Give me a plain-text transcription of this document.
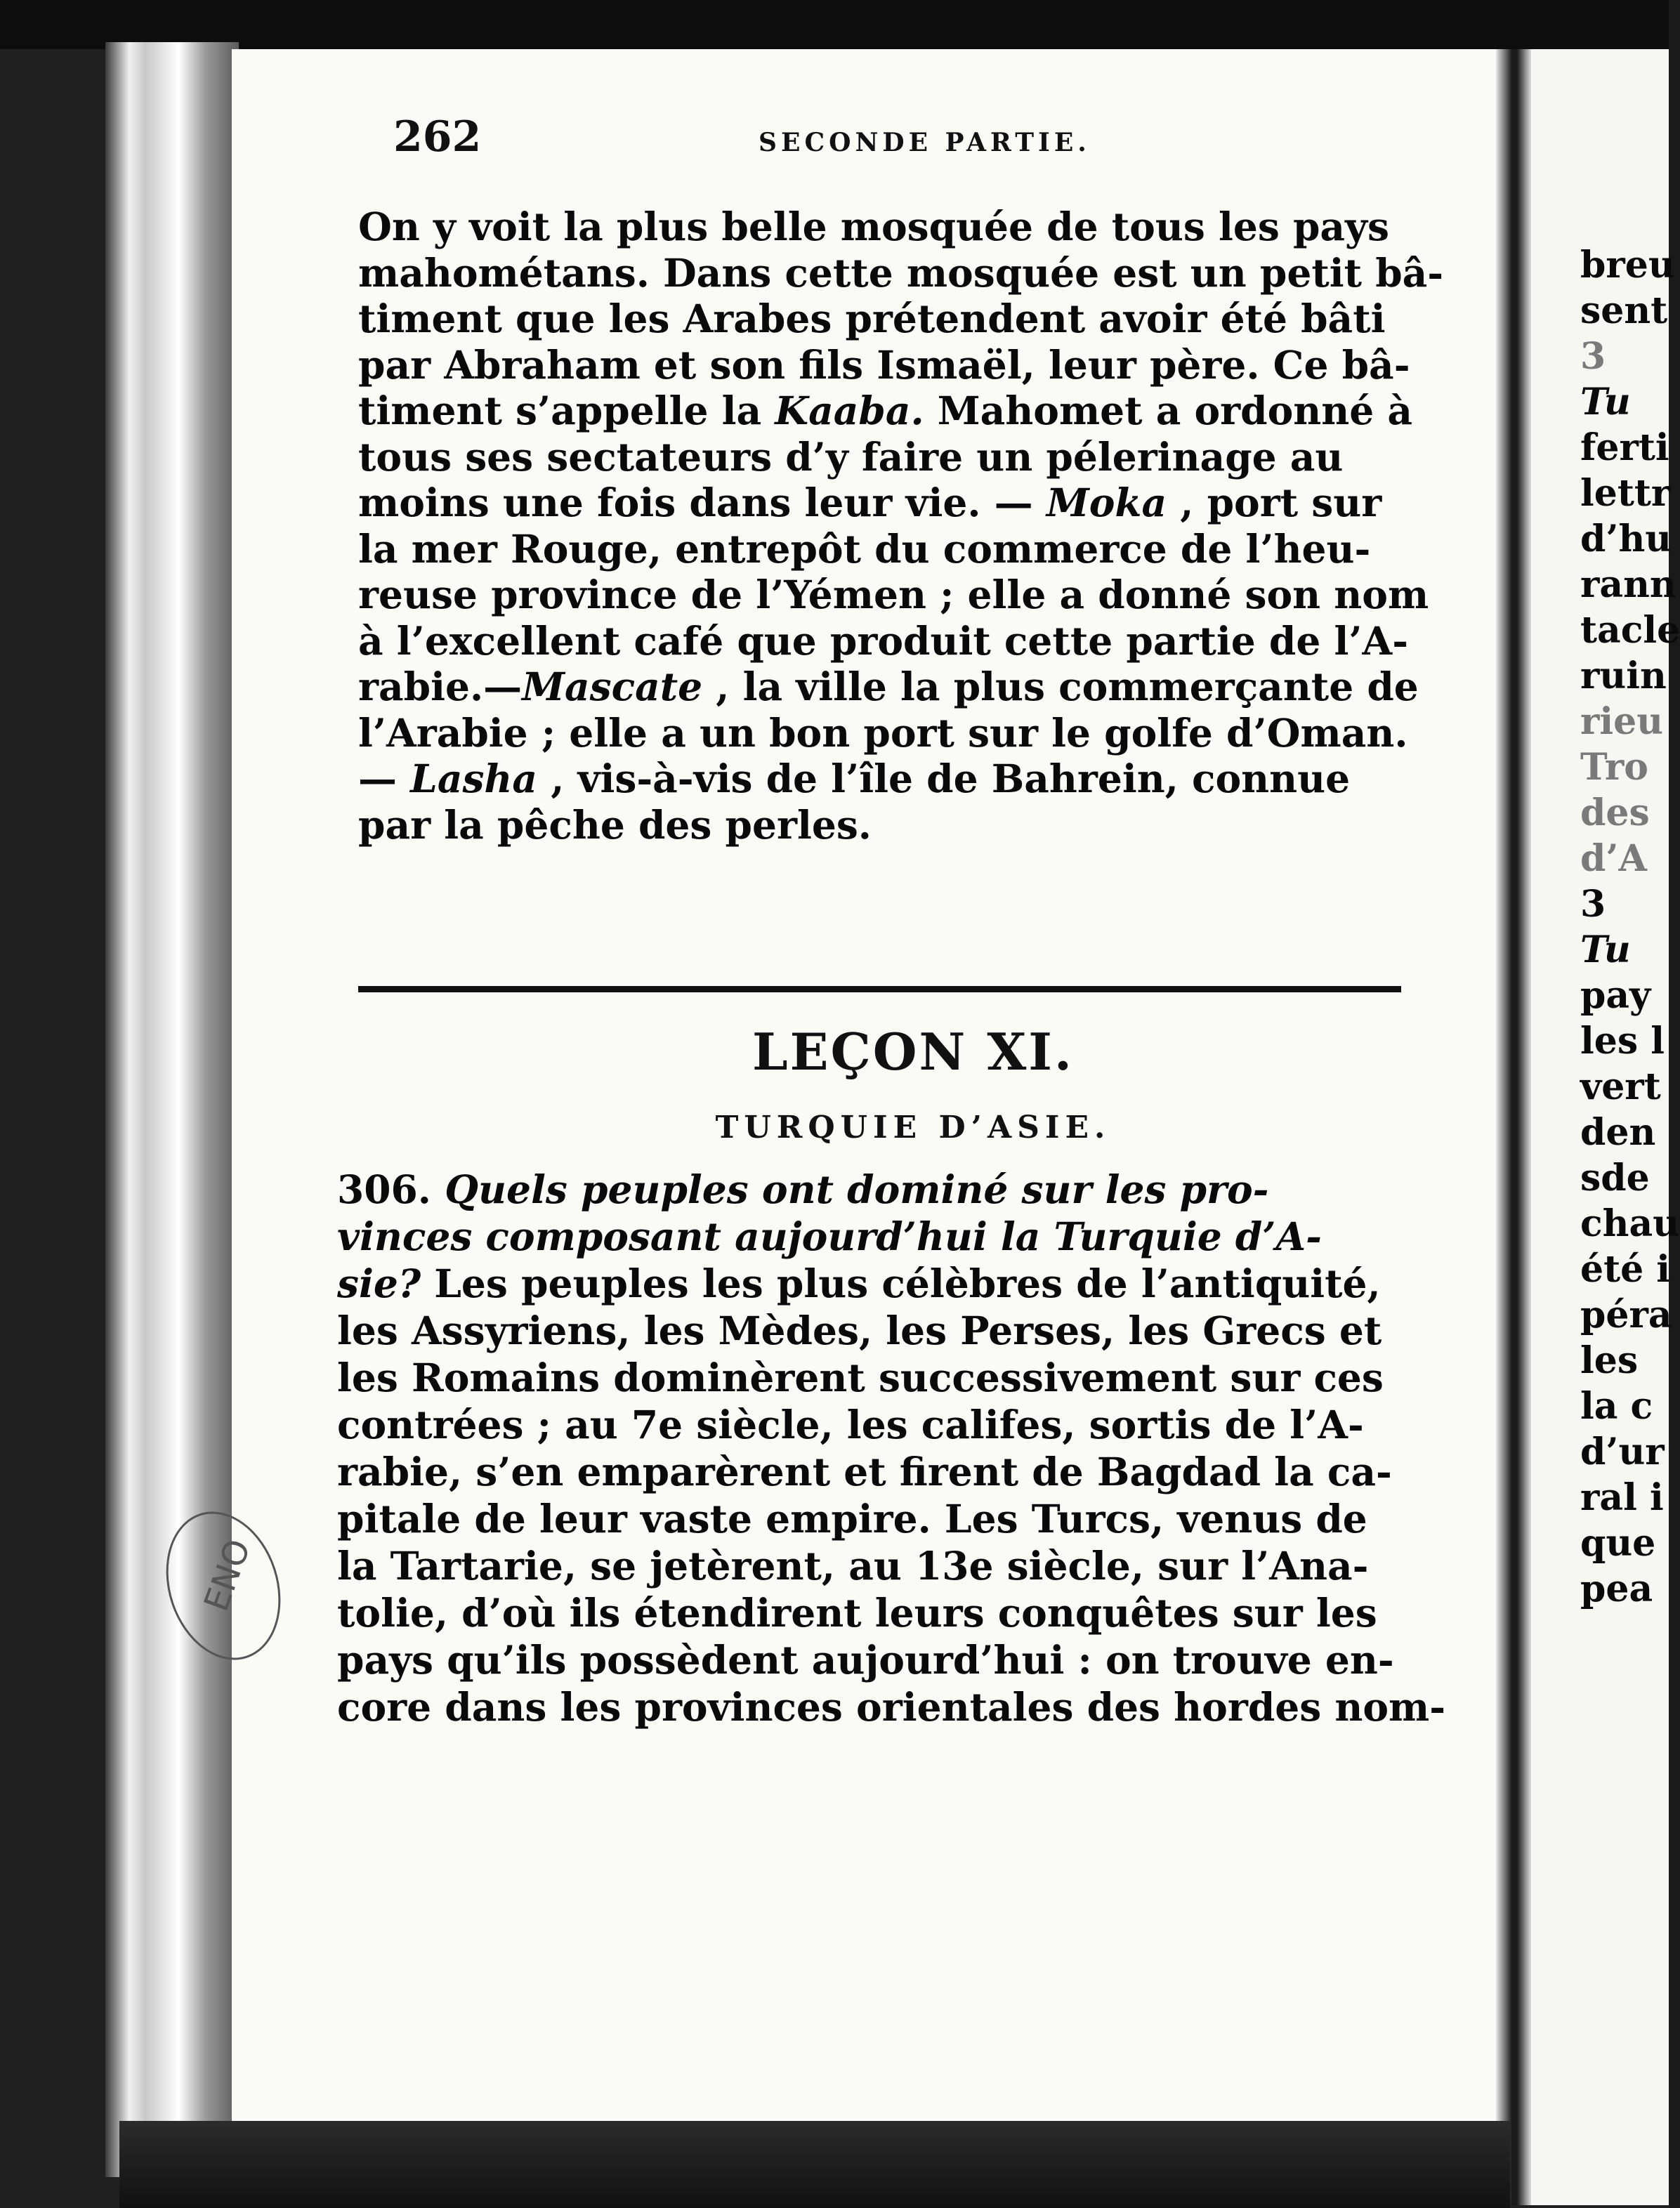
262	SECONDE PARTIE.
On y voit la plus belle mosquée de tous les pays
mahométans. Dans cette mosquée est un petit bâ-
timent que les Arabes prétendent avoir été bâti
par Abraham et son fils Ismaël, leur père. Ce bâ-
timent s’appelle la Kaaba. Mahomet a ordonné à
tous ses sectateurs d’y faire un pélerinage au
moins une fois dans leur vie. — Moka , port sur
la mer Rouge, entrepôt du commerce de l’heu-
reuse province de l’Yémen ; elle a donné son nom
à l’excellent café que produit cette partie de l’A-
rabie.—Mascate , la ville la plus commerçante de
l’Arabie ; elle a un bon port sur le golfe d’Oman.
— Lasha , vis-à-vis de l’île de Bahrein, connue
par la pêche des perles.
LEÇON XI.
TURQUIE D’ASIE.
306. Quels peuples ont dominé sur les pro-
vinces composant aujourd’hui la Turquie d’A-
sie? Les peuples les plus célèbres de l’antiquité,
les Assyriens, les Mèdes, les Perses, les Grecs et
les Romains dominèrent successivement sur ces
contrées ; au 7e siècle, les califes, sortis de l’A-
rabie, s’en emparèrent et firent de Bagdad la ca-
pitale de leur vaste empire. Les Turcs, venus de
la Tartarie, se jetèrent, au 13e siècle, sur l’Ana-
tolie, d’où ils étendirent leurs conquêtes sur les
pays qu’ils possèdent aujourd’hui : on trouve en-
core dans les provinces orientales des hordes nom-
ENO
breu
sent
3
Tu
ferti
lettr
d’hu
rann
tacle
ruin
rieu
Tro
des
d’A
3
Tu
pay
les l
vert
den
sde
chau
été i
péra
les
la c
d’ur
ral i
que
pea
